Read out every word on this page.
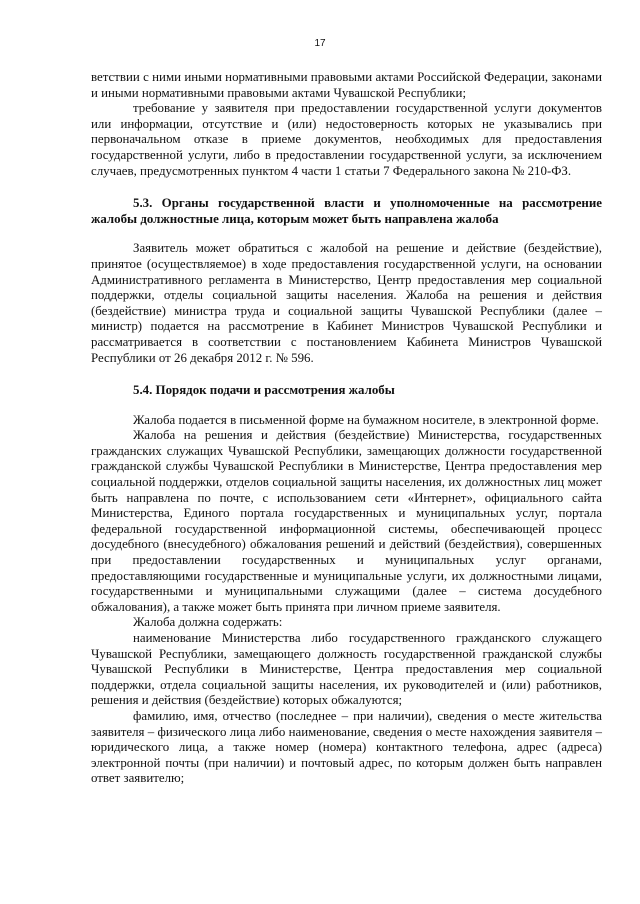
17

ветствии с ними иными нормативными правовыми актами Российской Федерации, законами и иными нормативными правовыми актами Чувашской Республики;

требование у заявителя при предоставлении государственной услуги документов или информации, отсутствие и (или) недостоверность которых не указывались при первоначальном отказе в приеме документов, необходимых для предоставления государственной услуги, либо в предоставлении государственной услуги, за исключением случаев, предусмотренных пунктом 4 части 1 статьи 7 Федерального закона № 210-ФЗ.

5.3. Органы государственной власти и уполномоченные на рассмотрение жалобы должностные лица, которым может быть направлена жалоба

Заявитель может обратиться с жалобой на решение и действие (бездействие), принятое (осуществляемое) в ходе предоставления государственной услуги, на основании Административного регламента в Министерство, Центр предоставления мер социальной поддержки, отделы социальной защиты населения. Жалоба на решения и действия (бездействие) министра труда и социальной защиты Чувашской Республики (далее – министр) подается на рассмотрение в Кабинет Министров Чувашской Республики и рассматривается в соответствии с постановлением Кабинета Министров Чувашской Республики от 26 декабря 2012 г. № 596.

5.4. Порядок подачи и рассмотрения жалобы

Жалоба подается в письменной форме на бумажном носителе, в электронной форме.

Жалоба на решения и действия (бездействие) Министерства, государственных гражданских служащих Чувашской Республики, замещающих должности государственной гражданской службы Чувашской Республики в Министерстве, Центра предоставления мер социальной поддержки, отделов социальной защиты населения, их должностных лиц может быть направлена по почте, с использованием сети «Интернет», официального сайта Министерства, Единого портала государственных и муниципальных услуг, портала федеральной государственной информационной системы, обеспечивающей процесс досудебного (внесудебного) обжалования решений и действий (бездействия), совершенных при предоставлении государственных и муниципальных услуг органами, предоставляющими государственные и муниципальные услуги, их должностными лицами, государственными и муниципальными служащими (далее – система досудебного обжалования), а также может быть принята при личном приеме заявителя.

Жалоба должна содержать:

наименование Министерства либо государственного гражданского служащего Чувашской Республики, замещающего должность государственной гражданской службы Чувашской Республики в Министерстве, Центра предоставления мер социальной поддержки, отдела социальной защиты населения, их руководителей и (или) работников, решения и действия (бездействие) которых обжалуются;

фамилию, имя, отчество (последнее – при наличии), сведения о месте жительства заявителя – физического лица либо наименование, сведения о месте нахождения заявителя – юридического лица, а также номер (номера) контактного телефона, адрес (адреса) электронной почты (при наличии) и почтовый адрес, по которым должен быть направлен ответ заявителю;
